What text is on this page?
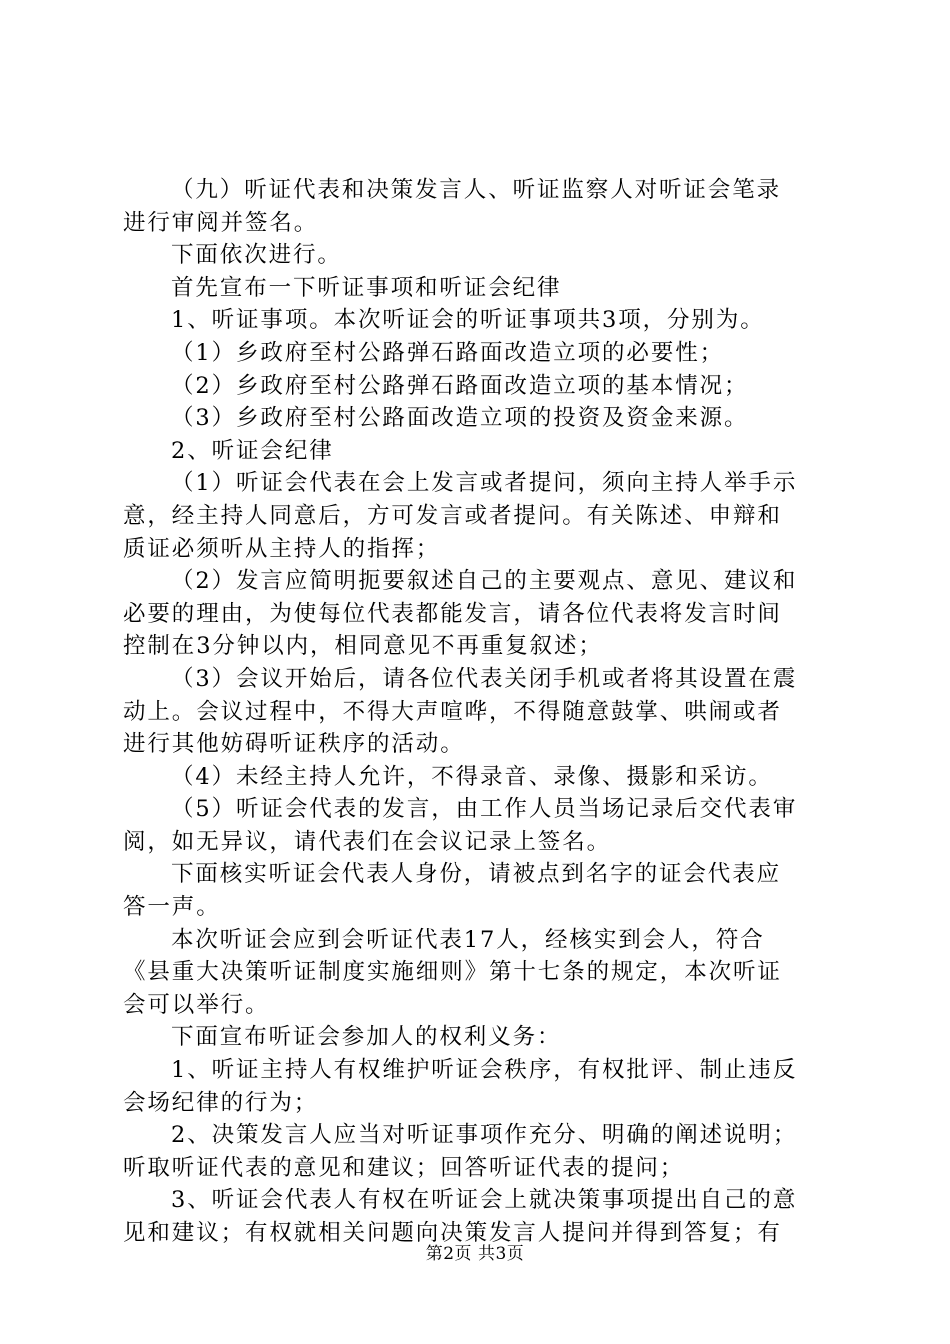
（九）听证代表和决策发言人、听证监察人对听证会笔录

进行审阅并签名。

下面依次进行。

首先宣布一下听证事项和听证会纪律

1、听证事项。本次听证会的听证事项共3项，分别为。

（1）乡政府至村公路弹石路面改造立项的必要性；

（2）乡政府至村公路弹石路面改造立项的基本情况；

（3）乡政府至村公路面改造立项的投资及资金来源。

2、听证会纪律

（1）听证会代表在会上发言或者提问，须向主持人举手示

意，经主持人同意后，方可发言或者提问。有关陈述、申辩和

质证必须听从主持人的指挥；

（2）发言应简明扼要叙述自己的主要观点、意见、建议和

必要的理由，为使每位代表都能发言，请各位代表将发言时间

控制在3分钟以内，相同意见不再重复叙述；

（3）会议开始后，请各位代表关闭手机或者将其设置在震

动上。会议过程中，不得大声喧哗，不得随意鼓掌、哄闹或者

进行其他妨碍听证秩序的活动。

（4）未经主持人允许，不得录音、录像、摄影和采访。

（5）听证会代表的发言，由工作人员当场记录后交代表审

阅，如无异议，请代表们在会议记录上签名。

下面核实听证会代表人身份，请被点到名字的证会代表应

答一声。

本次听证会应到会听证代表17人，经核实到会人，符合

《县重大决策听证制度实施细则》第十七条的规定，本次听证

会可以举行。

下面宣布听证会参加人的权利义务：

1、听证主持人有权维护听证会秩序，有权批评、制止违反

会场纪律的行为；

2、决策发言人应当对听证事项作充分、明确的阐述说明；

听取听证代表的意见和建议；回答听证代表的提问；

3、听证会代表人有权在听证会上就决策事项提出自己的意

见和建议；有权就相关问题向决策发言人提问并得到答复；有

第2页 共3页
